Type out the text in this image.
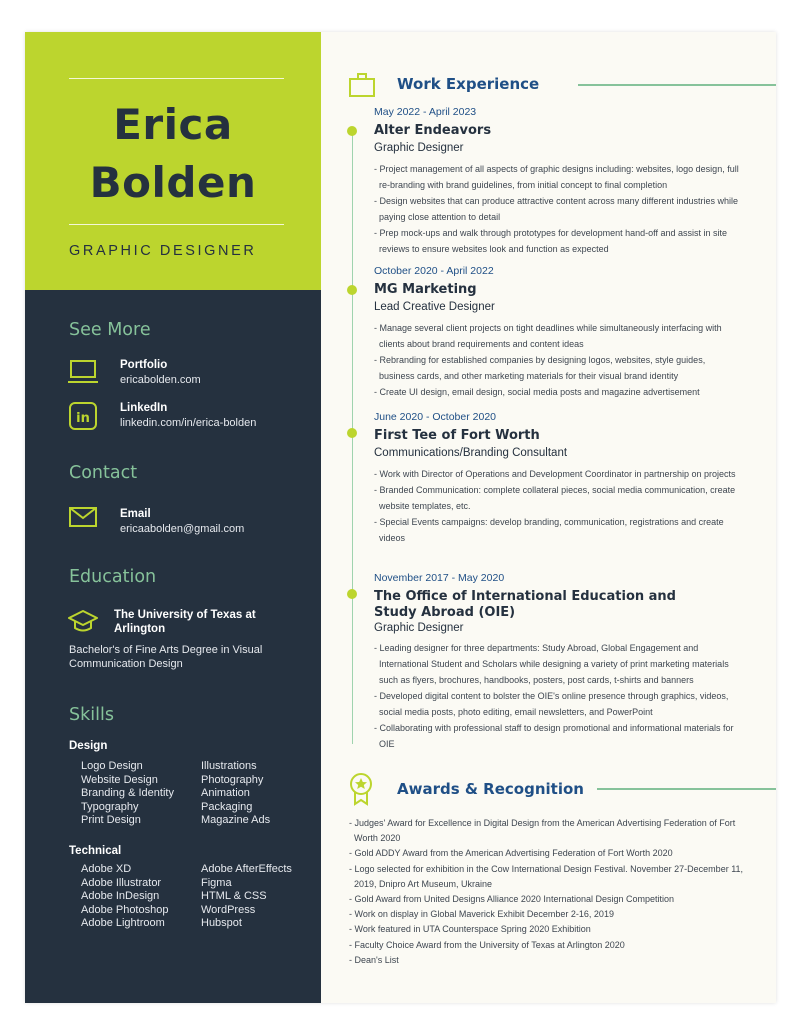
Erica
Bolden
GRAPHIC DESIGNER
See More
Portfolio
ericabolden.com
in
LinkedIn
linkedin.com/in/erica-bolden
Contact
Email
ericaabolden@gmail.com
Education
The University of Texas at Arlington
Bachelor's of Fine Arts Degree in Visual Communication Design
Skills
Design
Logo Design
Website Design
Branding & Identity
Typography
Print Design
Illustrations
Photography
Animation
Packaging
Magazine Ads
Technical
Adobe XD
Adobe Illustrator
Adobe InDesign
Adobe Photoshop
Adobe Lightroom
Adobe AfterEffects
Figma
HTML & CSS
WordPress
Hubspot
Work Experience
May 2022 - April 2023
Alter Endeavors
Graphic Designer
- Project management of all aspects of graphic designs including: websites, logo design, full re-branding with brand guidelines, from initial concept to final completion
- Design websites that can produce attractive content across many different industries while paying close attention to detail
- Prep mock-ups and walk through prototypes for development hand-off and assist in site reviews to ensure websites look and function as expected
October 2020 - April 2022
MG Marketing
Lead Creative Designer
- Manage several client projects on tight deadlines while simultaneously interfacing with clients about brand requirements and content ideas
- Rebranding for established companies by designing logos, websites, style guides, business cards, and other marketing materials for their visual brand identity
- Create UI design, email design, social media posts and magazine advertisement
June 2020 - October 2020
First Tee of Fort Worth
Communications/Branding Consultant
- Work with Director of Operations and Development Coordinator in partnership on projects
- Branded Communication: complete collateral pieces, social media communication, create website templates, etc.
- Special Events campaigns: develop branding, communication, registrations and create videos
November 2017 - May 2020
The Office of International Education and Study Abroad (OIE)
Graphic Designer
- Leading designer for three departments: Study Abroad, Global Engagement and International Student and Scholars while designing a variety of print marketing materials such as flyers, brochures, handbooks, posters, post cards, t-shirts and banners
- Developed digital content to bolster the OIE's online presence through graphics, videos, social media posts, photo editing, email newsletters, and PowerPoint
- Collaborating with professional staff to design promotional and informational materials for OIE
Awards & Recognition
- Judges' Award for Excellence in Digital Design from the American Advertising Federation of Fort Worth 2020
- Gold ADDY Award from the American Advertising Federation of Fort Worth 2020
- Logo selected for exhibition in the Cow International Design Festival. November 27-December 11, 2019, Dnipro Art Museum, Ukraine
- Gold Award from United Designs Alliance 2020 International Design Competition
- Work on display in Global Maverick Exhibit December 2-16, 2019
- Work featured in UTA Counterspace Spring 2020 Exhibition
- Faculty Choice Award from the University of Texas at Arlington 2020
- Dean's List
